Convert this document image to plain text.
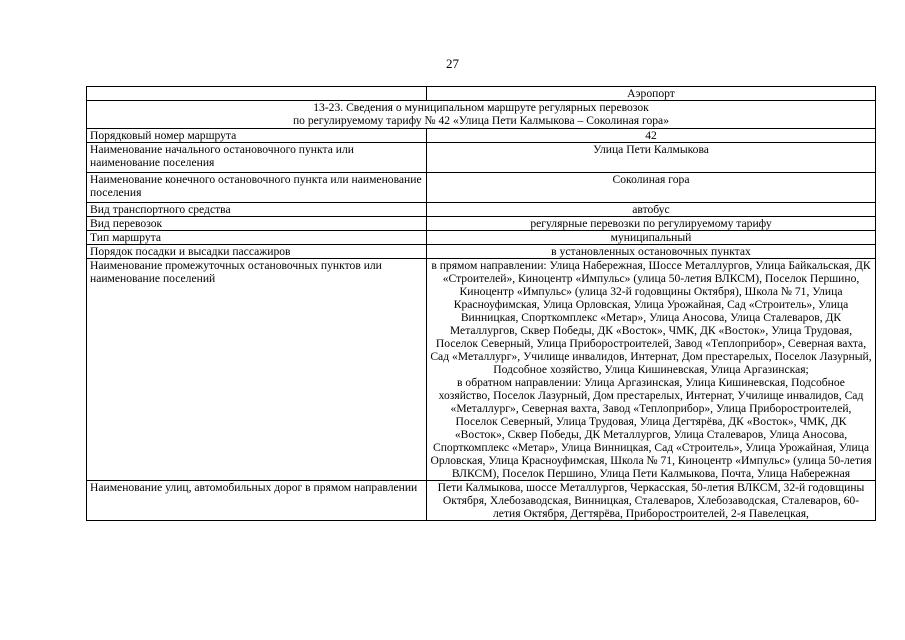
27
	Аэропорт

13-23. Сведения о муниципальном маршруте регулярных перевозок
по регулируемому тарифу № 42 «Улица Пети Калмыкова – Соколиная гора»	

Порядковый номер маршрута	42
Наименование начального остановочного пункта или наименование поселения	Улица Пети Калмыкова
Наименование конечного остановочного пункта или наименование поселения	Соколиная гора
Вид транспортного средства	автобус
Вид перевозок	регулярные перевозки по регулируемому тарифу
Тип маршрута	муниципальный
Порядок посадки и высадки пассажиров	в установленных остановочных пунктах
Наименование промежуточных остановочных пунктов или наименование поселений	в прямом направлении: Улица Набережная, Шоссе Металлургов, Улица Байкальская, ДК «Строителей», Киноцентр «Импульс» (улица 50-летия ВЛКСМ), Поселок Першино, Киноцентр «Импульс» (улица 32-й годовщины Октября), Школа № 71, Улица Красноуфимская, Улица Орловская, Улица Урожайная, Сад «Строитель», Улица Винницкая, Спорткомплекс «Метар», Улица Аносова, Улица Сталеваров, ДК Металлургов, Сквер Победы, ДК «Восток», ЧМК, ДК «Восток», Улица Трудовая, Поселок Северный, Улица Приборостроителей, Завод «Теплоприбор», Северная вахта, Сад «Металлург», Училище инвалидов, Интернат, Дом престарелых, Поселок Лазурный, Подсобное хозяйство, Улица Кишиневская, Улица Аргазинская;
в обратном направлении: Улица Аргазинская, Улица Кишиневская, Подсобное хозяйство, Поселок Лазурный, Дом престарелых, Интернат, Училище инвалидов, Сад «Металлург», Северная вахта, Завод «Теплоприбор», Улица Приборостроителей, Поселок Северный, Улица Трудовая, Улица Дегтярёва, ДК «Восток», ЧМК, ДК «Восток», Сквер Победы, ДК Металлургов, Улица Сталеваров, Улица Аносова, Спорткомплекс «Метар», Улица Винницкая, Сад «Строитель», Улица Урожайная, Улица Орловская, Улица Красноуфимская, Школа № 71, Киноцентр «Импульс» (улица 50-летия ВЛКСМ), Поселок Першино, Улица Пети Калмыкова, Почта, Улица Набережная

Наименование улиц, автомобильных дорог в прямом направлении	Пети Калмыкова, шоссе Металлургов, Черкасская, 50-летия ВЛКСМ, 32-й годовщины Октября, Хлебозаводская, Винницкая, Сталеваров, Хлебозаводская, Сталеваров, 60-летия Октября, Дегтярёва, Приборостроителей, 2-я Павелецкая,
